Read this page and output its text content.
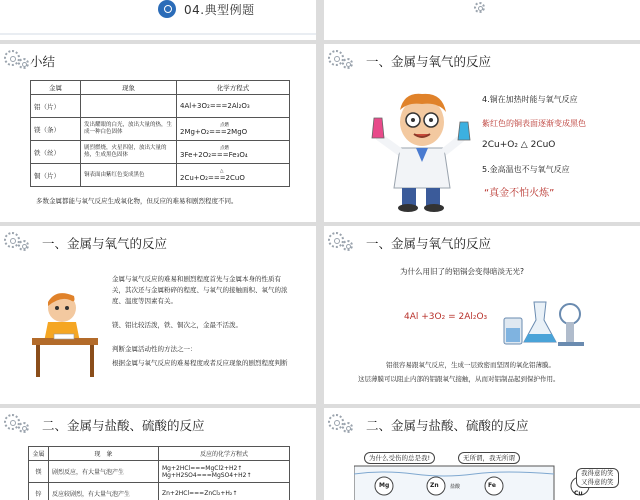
04.典型例题
小结
金属	现象	化学方程式
铝（片）		4Al+3O₂===2Al₂O₃
镁（条）	发出耀眼的白光，放出大量的热，生成一种白色固体	点燃
2Mg+O₂===2MgO

铁（丝）	剧烈燃烧，火星四射，放出大量的热，生成黑色固体	点燃
3Fe+2O₂===Fe₃O₄

铜（片）	铜表面由紫红色变成黑色	△
2Cu+O₂===2CuO
多数金属都能与氧气反应生成氧化物，但反应的难易和剧烈程度不同。
一、金属与氧气的反应
4.铜在加热时能与氧气反应
紫红色的铜表面逐渐变成黑色
2Cu+O₂ △ 2CuO
5.金高温也不与氧气反应
“真金不怕火炼”
一、金属与氧气的反应
金属与氧气反应的难易和剧烈程度首先与金属本身的性质有关，其次还与金属粉碎的程度、与氧气的接触面积、氧气的浓度、温度等因素有关。
镁、铝比较活泼，铁、铜次之，金最不活泼。
判断金属活动性的方法之一：
根据金属与氧气反应的难易程度或者反应现象的剧烈程度判断
一、金属与氧气的反应
为什么用旧了的铝锅会变得暗淡无光?
4Al +3O₂ = 2Al₂O₃
铝很容易跟氧气反应，生成一层致密而坚固的氧化铝薄膜。
这层薄膜可以阻止内部的铝跟氧气接触，从而对铝制品起到保护作用。
二、金属与盐酸、硫酸的反应
金属	现　象	反应的化学方程式
镁	剧烈反应，有大量气泡产生	Mg+2HCl===MgCl2+H2↑
Mg+H2SO4===MgSO4+H2↑

锌	反应较剧烈，有大量气泡产生	Zn+2HCl===ZnCl₂+H₂↑
二、金属与盐酸、硫酸的反应
为什么受伤的总是我!	无所谓，我无所谓
我得意的笑
又得意的笑
Mg	Zn 盐酸	Fe
Cu
